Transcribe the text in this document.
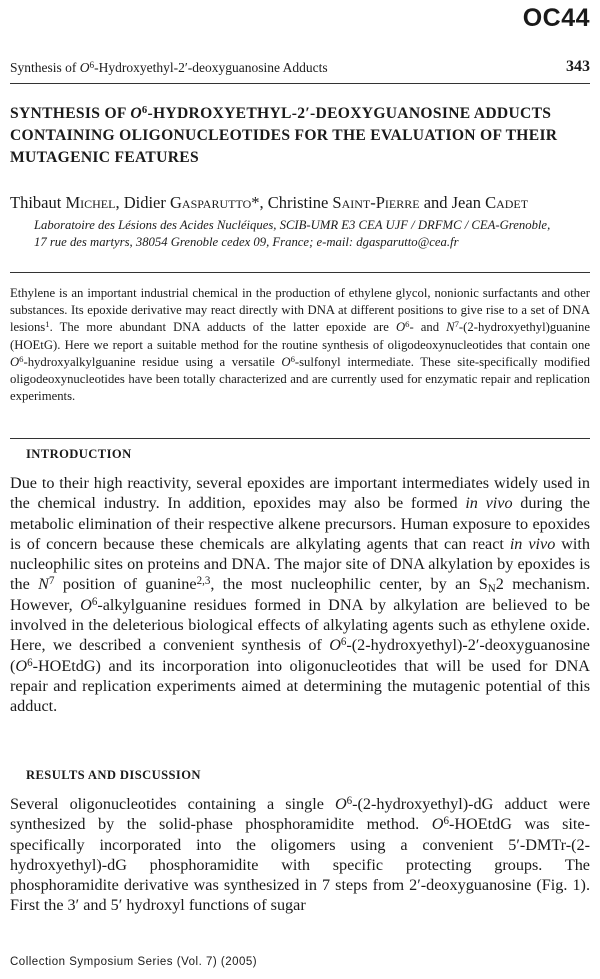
OC44
Synthesis of $O^6-Hydroxyethyl-2'$-deoxyguanosine Adducts	343
SYNTHESIS OF $O^6-HYDROXYETHYL-2'$-DEOXYGUANOSINE ADDUCTS
CONTAINING OLIGONUCLEOTIDES FOR THE EVALUATION OF THEIR
MUTAGENIC FEATURES
Thibaut Michel, Didier Gasparutto*, Christine Saint-Pierre and Jean Cadet
Laboratoire des Lésions des Acides Nucléiques, SCIB-UMR E3 CEA UJF / DRFMC / CEA-Grenoble,
17 rue des martyrs, 38054 Grenoble cedex 09, France; e-mail: dgasparutto@cea.fr
Ethylene is an important industrial chemical in the production of ethylene glycol, nonionic surfactants and other substances. Its epoxide derivative may react directly with DNA at different positions to give rise to a set of DNA lesions$^1$. The more abundant DNA adducts of the latter epoxide are $O^6-$ and $N^7-(2-hydroxyethyl)guanine$ (HOEtG). Here we report a suitable method for the routine synthesis of oligodeoxynucleotides that contain one $O^6$-hydroxyalkylguanine residue using a versatile $O^6$-sulfonyl intermediate. These site-specifically modified oligodeoxynucleotides have been totally characterized and are currently used for enzymatic repair and replication experiments.
INTRODUCTION
Due to their high reactivity, several epoxides are important intermediates widely used in the chemical industry. In addition, epoxides may also be formed in vivo during the metabolic elimination of their respective alkene precursors. Human exposure to epoxides is of concern because these chemicals are alkylating agents that can react in vivo with nucleophilic sites on proteins and DNA. The major site of DNA alkylation by epoxides is the $N^7$ position of guanine$^{2,3}$, the most nucleophilic center, by an $S_N2$ mechanism. However, $O^6$-alkylguanine residues formed in DNA by alkylation are believed to be involved in the deleterious biological effects of alkylating agents such as ethylene oxide. Here, we described a convenient synthesis of $O^6-(2-hydroxyethyl)-2'$-deoxyguanosine $(O^6-HOEtdG)$ and its incorporation into oligonucleotides that will be used for DNA repair and replication experiments aimed at determining the mutagenic potential of this adduct.
RESULTS AND DISCUSSION
Several oligonucleotides containing a single $O^6-(2-hydroxyethyl)-dG$ adduct were synthesized by the solid-phase phosphoramidite method. $O^6$-HOEtdG was site-specifically incorporated into the oligomers using a convenient 5′-DMTr-(2-hydroxyethyl)-dG phosphoramidite with specific protecting groups. The phosphoramidite derivative was synthesized in 7 steps from 2′-deoxyguanosine (Fig. 1). First the 3′ and 5′ hydroxyl functions of sugar
Collection Symposium Series (Vol. 7) (2005)
